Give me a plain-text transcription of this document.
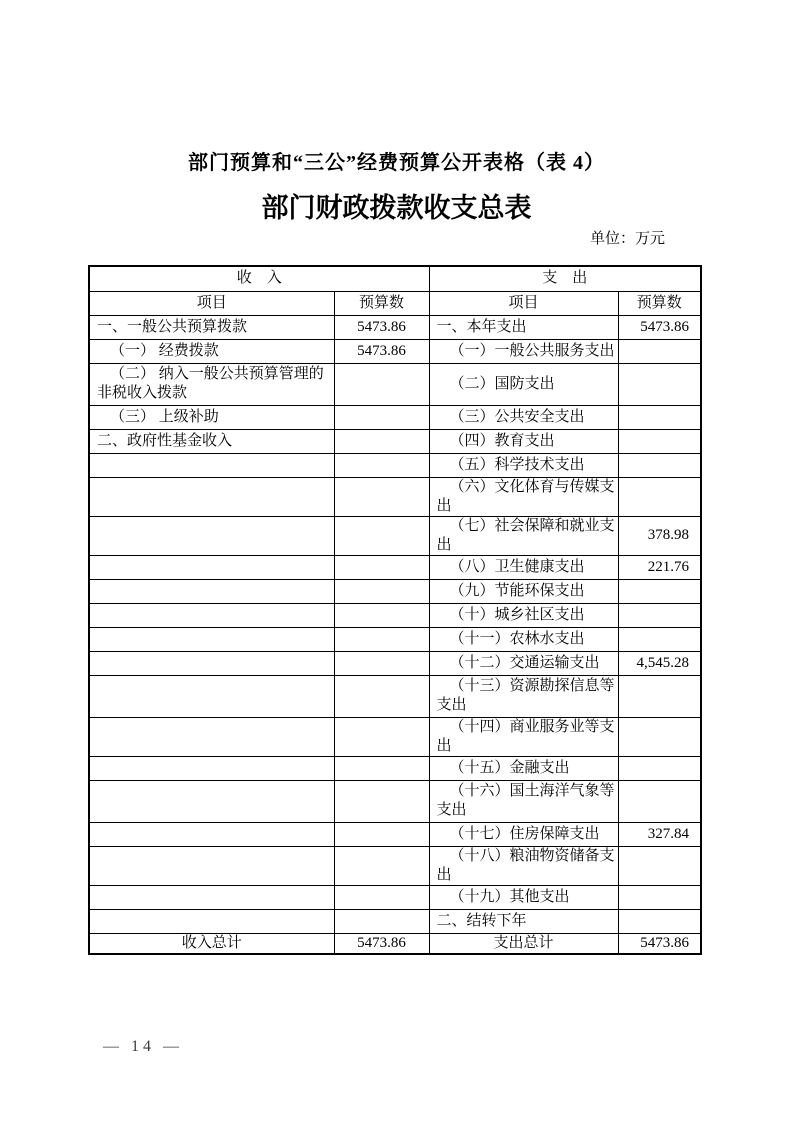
部门预算和“三公”经费预算公开表格（表 4）
部门财政拨款收支总表
单位：万元
收　入		支　出	
项目	预算数	项目	预算数
一、一般公共预算拨款	5473.86	一、本年支出	5473.86
（一） 经费拨款	5473.86	（一）一般公共服务支出	
（二） 纳入一般公共预算管理的非税收入拨款		（二）国防支出	
（三） 上级补助		（三）公共安全支出	
二、政府性基金收入		（四）教育支出	
		（五）科学技术支出	
		（六）文化体育与传媒支出	
		（七）社会保障和就业支出	378.98
		（八）卫生健康支出	221.76
		（九）节能环保支出	
		（十）城乡社区支出	
		（十一）农林水支出	
		（十二）交通运输支出	4,545.28
		（十三）资源勘探信息等支出	
		（十四）商业服务业等支出	
		（十五）金融支出	
		（十六）国土海洋气象等支出	
		（十七）住房保障支出	327.84
		（十八）粮油物资储备支出	
		（十九）其他支出	
		二、结转下年	
收入总计	5473.86	支出总计	5473.86
— 14 —
